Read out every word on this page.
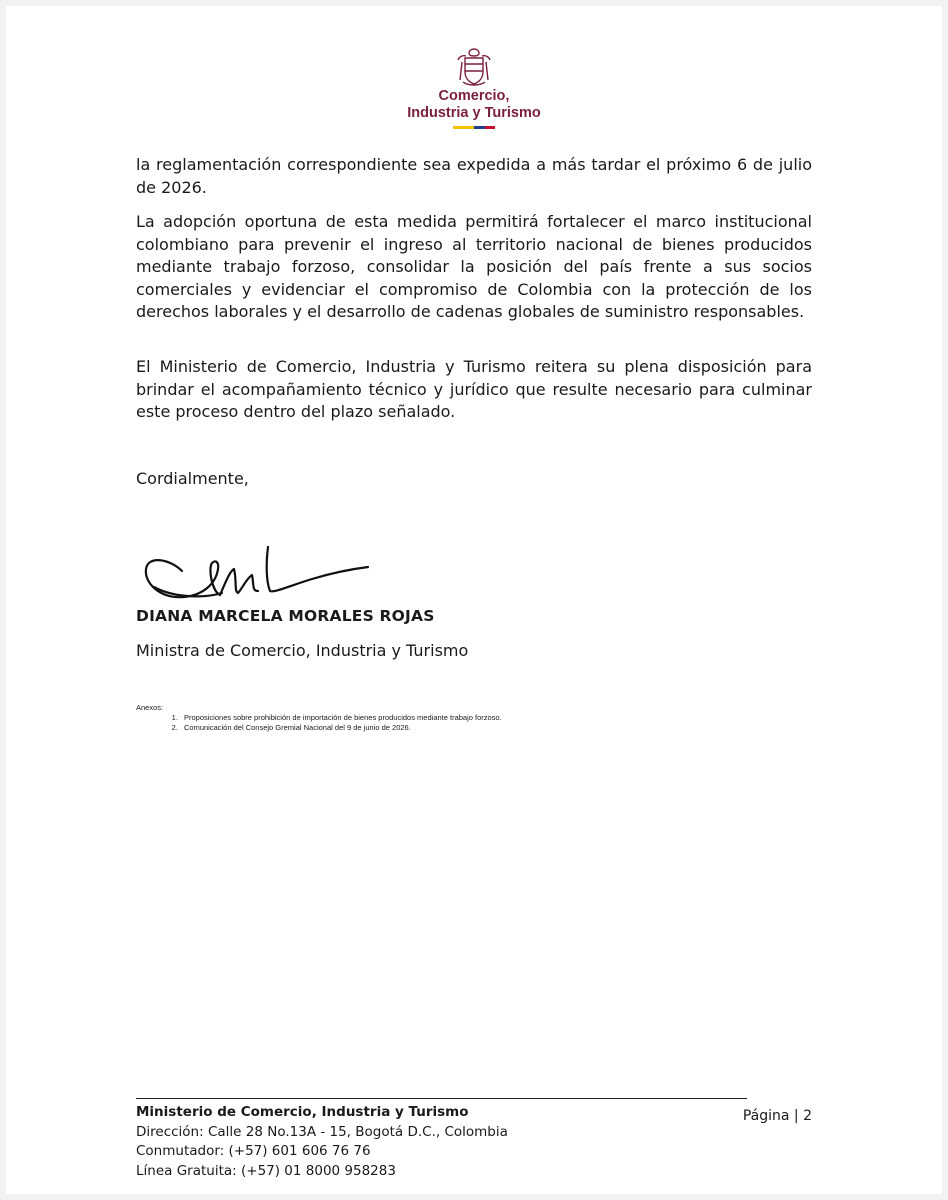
Comercio,
Industria y Turismo
la reglamentación correspondiente sea expedida a más tardar el próximo 6 de julio de 2026.
La adopción oportuna de esta medida permitirá fortalecer el marco institucional colombiano para prevenir el ingreso al territorio nacional de bienes producidos mediante trabajo forzoso, consolidar la posición del país frente a sus socios comerciales y evidenciar el compromiso de Colombia con la protección de los derechos laborales y el desarrollo de cadenas globales de suministro responsables.
El Ministerio de Comercio, Industria y Turismo reitera su plena disposición para brindar el acompañamiento técnico y jurídico que resulte necesario para culminar este proceso dentro del plazo señalado.
Cordialmente,
DIANA MARCELA MORALES ROJAS
Ministra de Comercio, Industria y Turismo
Anexos:
1. Proposiciones sobre prohibición de importación de bienes producidos mediante trabajo forzoso.
2. Comunicación del Consejo Gremial Nacional del 9 de junio de 2026.
Ministerio de Comercio, Industria y Turismo
Dirección: Calle 28 No.13A - 15, Bogotá D.C., Colombia
Conmutador: (+57) 601 606 76 76
Línea Gratuita: (+57) 01 8000 958283
Página | 2
